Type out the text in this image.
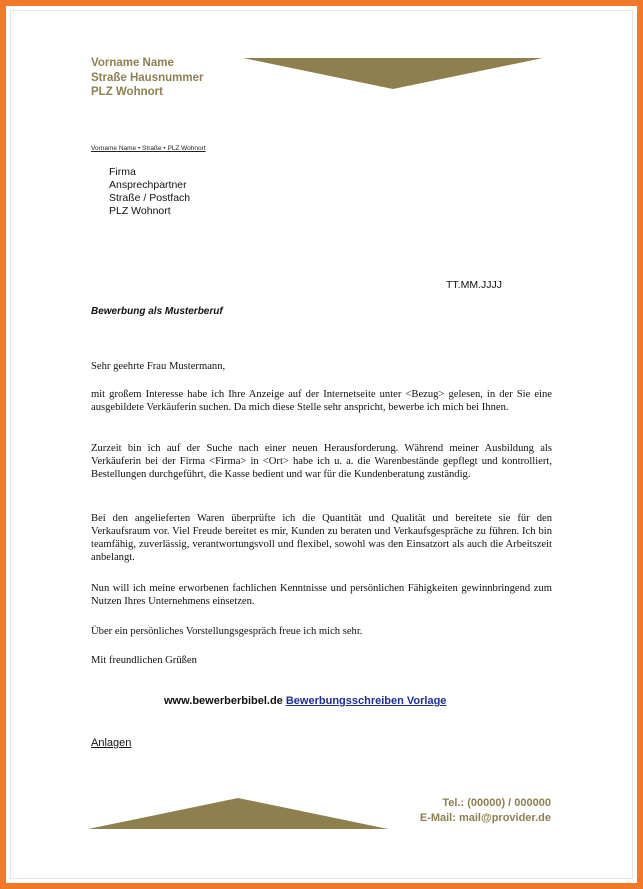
Vorname Name
Straße Hausnummer
PLZ Wohnort
Vorname Name • Straße • PLZ Wohnort
Firma
Ansprechpartner
Straße / Postfach
PLZ Wohnort
TT.MM.JJJJ
Bewerbung als Musterberuf

Sehr geehrte Frau Mustermann,

mit großem Interesse habe ich Ihre Anzeige auf der Internetseite unter <Bezug> gelesen, in der Sie eine ausgebildete Verkäuferin suchen. Da mich diese Stelle sehr anspricht, bewerbe ich mich bei Ihnen.

Zurzeit bin ich auf der Suche nach einer neuen Herausforderung. Während meiner Ausbildung als Verkäuferin bei der Firma <Firma> in <Ort> habe ich u. a. die Warenbestände gepflegt und kontrolliert, Bestellungen durchgeführt, die Kasse bedient und war für die Kundenberatung zuständig.

Bei den angelieferten Waren überprüfte ich die Quantität und Qualität und bereitete sie für den Verkaufsraum vor. Viel Freude bereitet es mir, Kunden zu beraten und Verkaufsgespräche zu führen. Ich bin teamfähig, zuverlässig, verantwortungsvoll und flexibel, sowohl was den Einsatzort als auch die Arbeitszeit anbelangt.

Nun will ich meine erworbenen fachlichen Kenntnisse und persönlichen Fähigkeiten gewinnbringend zum Nutzen Ihres Unternehmens einsetzen.

Über ein persönliches Vorstellungsgespräch freue ich mich sehr.

Mit freundlichen Grüßen

www.bewerberbibel.de Bewerbungsschreiben Vorlage
Anlagen
Tel.: (00000) / 000000
E-Mail: mail@provider.de
